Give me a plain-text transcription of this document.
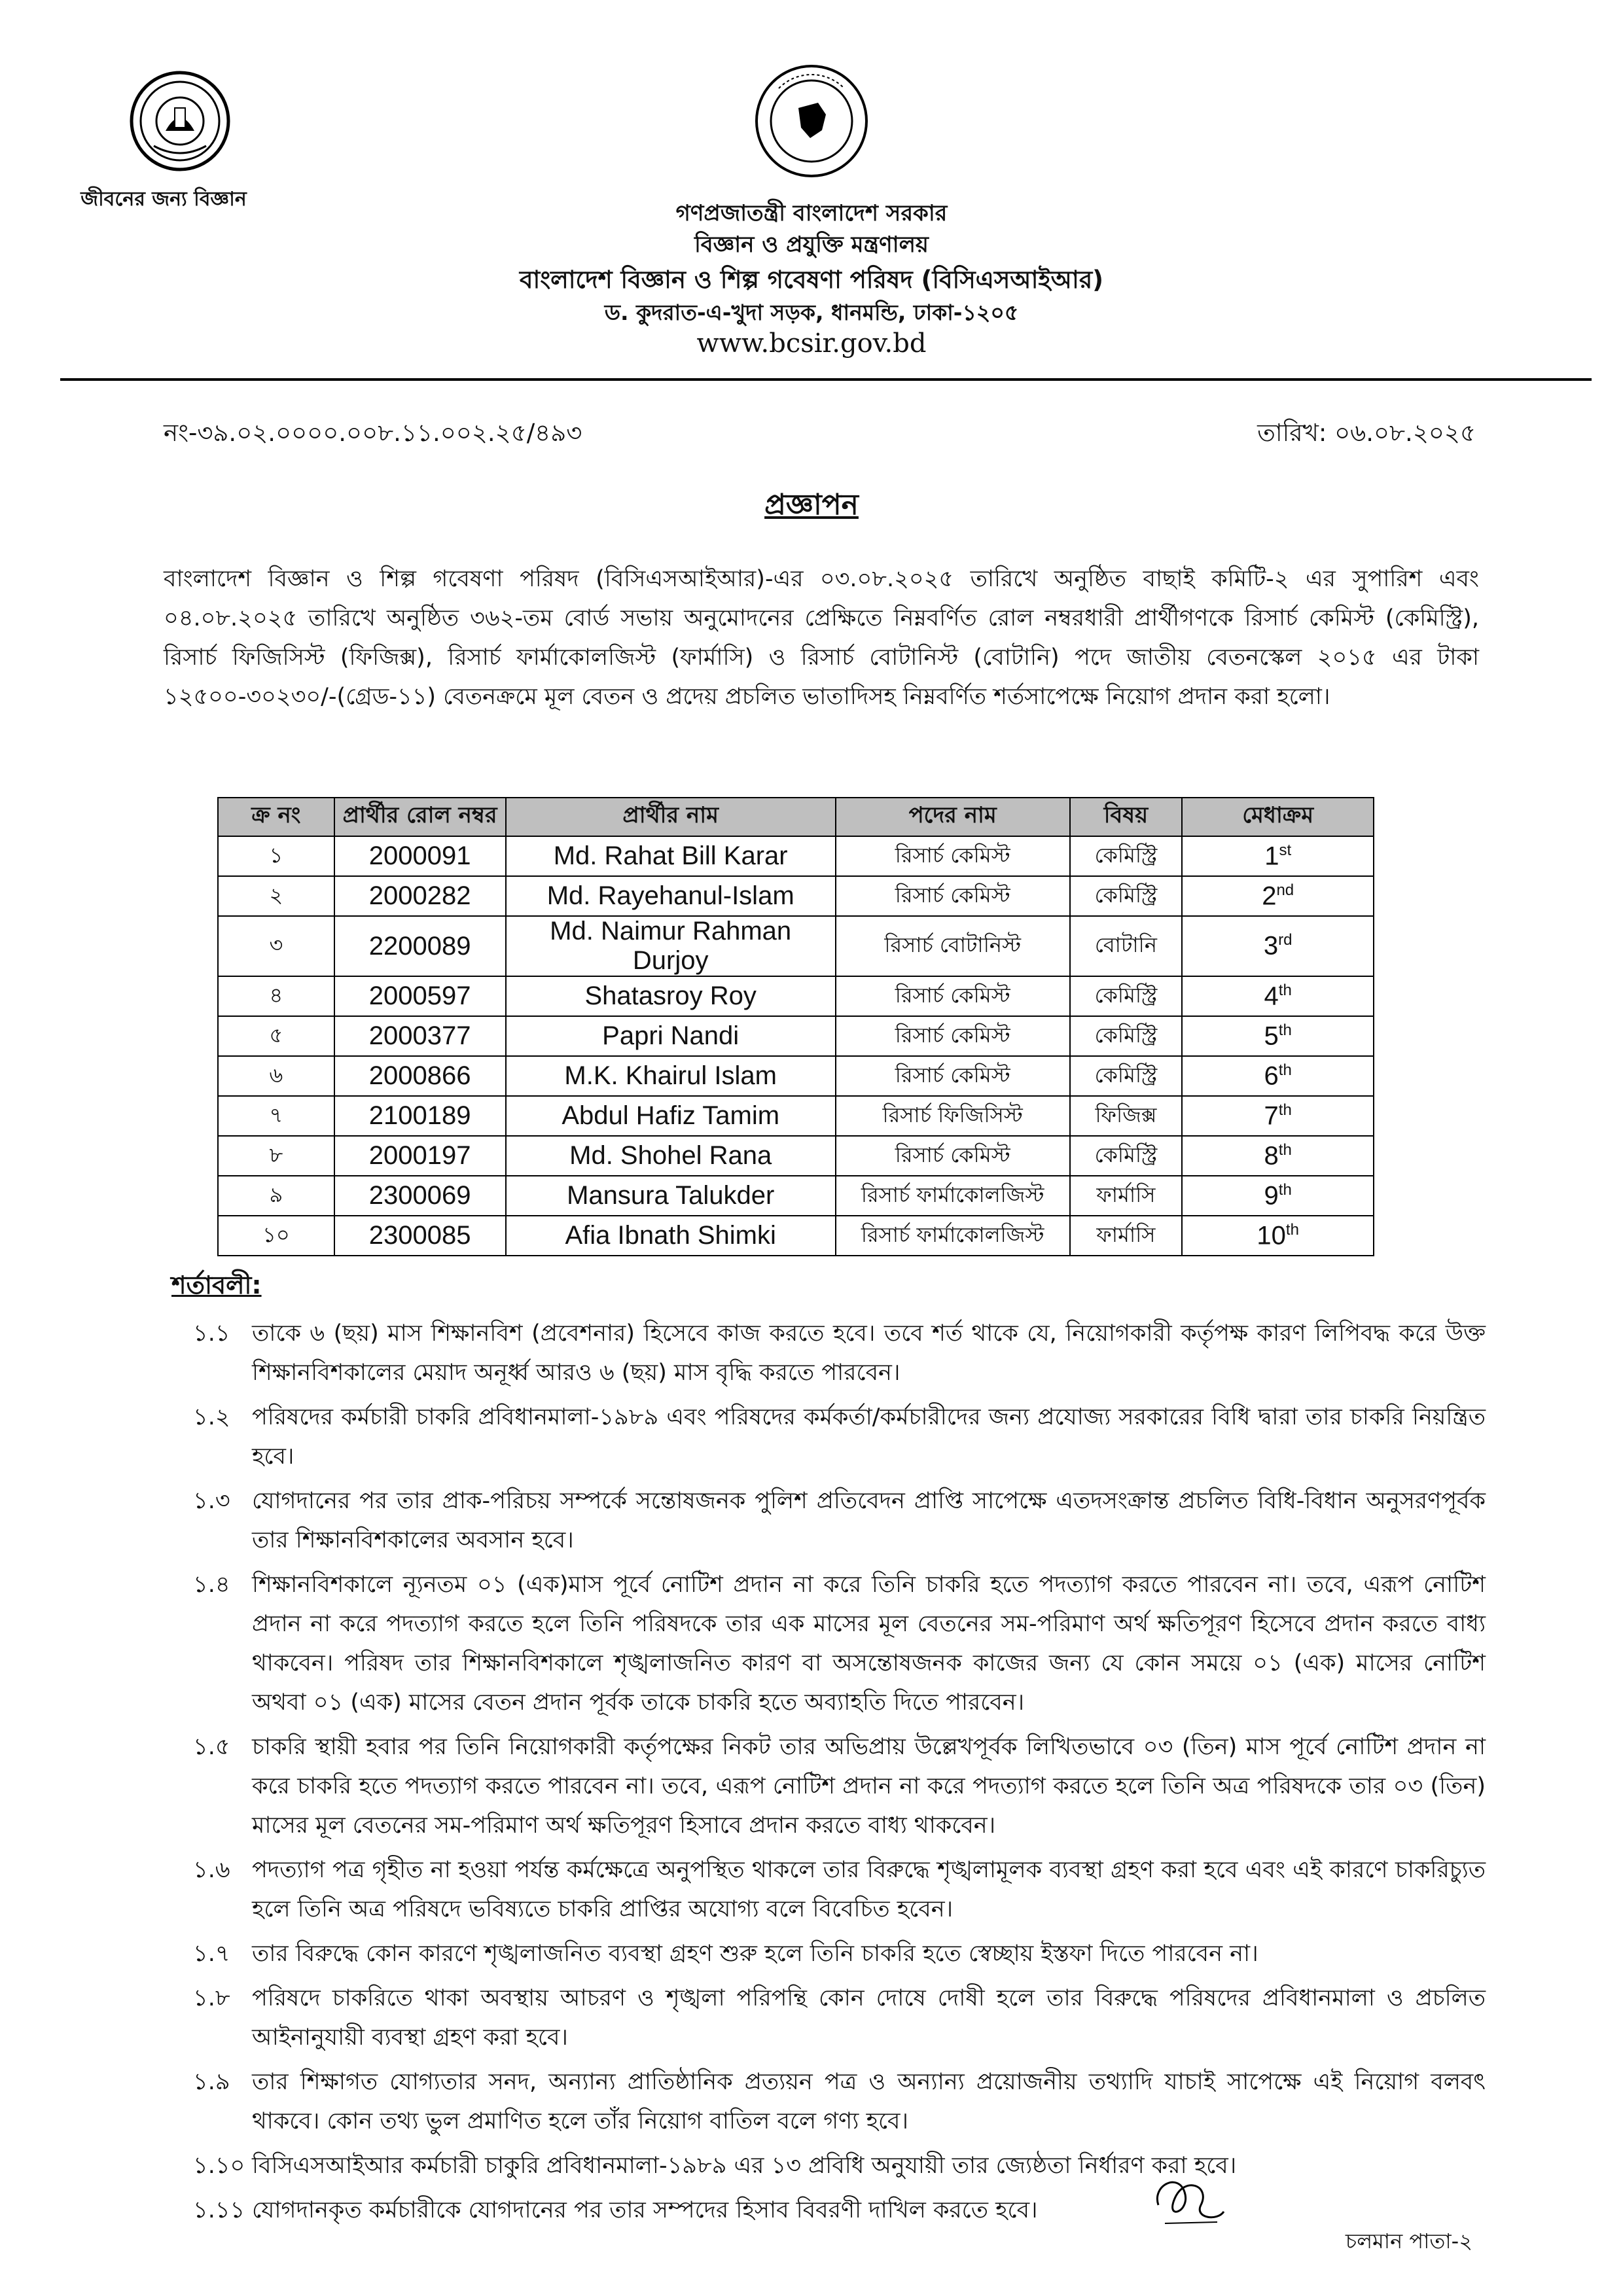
জীবনের জন্য বিজ্ঞান
গণপ্রজাতন্ত্রী বাংলাদেশ সরকার
বিজ্ঞান ও প্রযুক্তি মন্ত্রণালয়
বাংলাদেশ বিজ্ঞান ও শিল্প গবেষণা পরিষদ (বিসিএসআইআর)
ড. কুদরাত-এ-খুদা সড়ক, ধানমন্ডি, ঢাকা-১২০৫
www.bcsir.gov.bd
নং-৩৯.০২.০০০০.০০৮.১১.০০২.২৫/৪৯৩	তারিখ: ০৬.০৮.২০২৫
প্রজ্ঞাপন
বাংলাদেশ বিজ্ঞান ও শিল্প গবেষণা পরিষদ (বিসিএসআইআর)-এর ০৩.০৮.২০২৫ তারিখে অনুষ্ঠিত বাছাই কমিটি-২ এর সুপারিশ এবং ০৪.০৮.২০২৫ তারিখে অনুষ্ঠিত ৩৬২-তম বোর্ড সভায় অনুমোদনের প্রেক্ষিতে নিম্নবর্ণিত রোল নম্বরধারী প্রার্থীগণকে রিসার্চ কেমিস্ট (কেমিস্ট্রি), রিসার্চ ফিজিসিস্ট (ফিজিক্স), রিসার্চ ফার্মাকোলজিস্ট (ফার্মাসি) ও রিসার্চ বোটানিস্ট (বোটানি) পদে জাতীয় বেতনস্কেল ২০১৫ এর টাকা ১২৫০০-৩০২৩০/-(গ্রেড-১১) বেতনক্রমে মূল বেতন ও প্রদেয় প্রচলিত ভাতাদিসহ নিম্নবর্ণিত শর্তসাপেক্ষে নিয়োগ প্রদান করা হলো।
ক্র নং	প্রার্থীর রোল নম্বর	প্রার্থীর নাম	পদের নাম	বিষয়	মেধাক্রম
১	2000091	Md. Rahat Bill Karar	রিসার্চ কেমিস্ট	কেমিস্ট্রি	1st
২	2000282	Md. Rayehanul-Islam	রিসার্চ কেমিস্ট	কেমিস্ট্রি	2nd
৩	2200089	Md. Naimur Rahman Durjoy	রিসার্চ বোটানিস্ট	বোটানি	3rd
৪	2000597	Shatasroy Roy	রিসার্চ কেমিস্ট	কেমিস্ট্রি	4th
৫	2000377	Papri Nandi	রিসার্চ কেমিস্ট	কেমিস্ট্রি	5th
৬	2000866	M.K. Khairul Islam	রিসার্চ কেমিস্ট	কেমিস্ট্রি	6th
৭	2100189	Abdul Hafiz Tamim	রিসার্চ ফিজিসিস্ট	ফিজিক্স	7th
৮	2000197	Md. Shohel Rana	রিসার্চ কেমিস্ট	কেমিস্ট্রি	8th
৯	2300069	Mansura Talukder	রিসার্চ ফার্মাকোলজিস্ট	ফার্মাসি	9th
১০	2300085	Afia Ibnath Shimki	রিসার্চ ফার্মাকোলজিস্ট	ফার্মাসি	10th
শর্তাবলী:
১.১ তাকে ৬ (ছয়) মাস শিক্ষানবিশ (প্রবেশনার) হিসেবে কাজ করতে হবে। তবে শর্ত থাকে যে, নিয়োগকারী কর্তৃপক্ষ কারণ লিপিবদ্ধ করে উক্ত শিক্ষানবিশকালের মেয়াদ অনূর্ধ্ব আরও ৬ (ছয়) মাস বৃদ্ধি করতে পারবেন।
১.২ পরিষদের কর্মচারী চাকরি প্রবিধানমালা-১৯৮৯ এবং পরিষদের কর্মকর্তা/কর্মচারীদের জন্য প্রযোজ্য সরকারের বিধি দ্বারা তার চাকরি নিয়ন্ত্রিত হবে।
১.৩ যোগদানের পর তার প্রাক-পরিচয় সম্পর্কে সন্তোষজনক পুলিশ প্রতিবেদন প্রাপ্তি সাপেক্ষে এতদসংক্রান্ত প্রচলিত বিধি-বিধান অনুসরণপূর্বক তার শিক্ষানবিশকালের অবসান হবে।
১.৪ শিক্ষানবিশকালে ন্যূনতম ০১ (এক)মাস পূর্বে নোটিশ প্রদান না করে তিনি চাকরি হতে পদত্যাগ করতে পারবেন না। তবে, এরূপ নোটিশ প্রদান না করে পদত্যাগ করতে হলে তিনি পরিষদকে তার এক মাসের মূল বেতনের সম-পরিমাণ অর্থ ক্ষতিপূরণ হিসেবে প্রদান করতে বাধ্য থাকবেন। পরিষদ তার শিক্ষানবিশকালে শৃঙ্খলাজনিত কারণ বা অসন্তোষজনক কাজের জন্য যে কোন সময়ে ০১ (এক) মাসের নোটিশ অথবা ০১ (এক) মাসের বেতন প্রদান পূর্বক তাকে চাকরি হতে অব্যাহতি দিতে পারবেন।
১.৫ চাকরি স্থায়ী হবার পর তিনি নিয়োগকারী কর্তৃপক্ষের নিকট তার অভিপ্রায় উল্লেখপূর্বক লিখিতভাবে ০৩ (তিন) মাস পূর্বে নোটিশ প্রদান না করে চাকরি হতে পদত্যাগ করতে পারবেন না। তবে, এরূপ নোটিশ প্রদান না করে পদত্যাগ করতে হলে তিনি অত্র পরিষদকে তার ০৩ (তিন) মাসের মূল বেতনের সম-পরিমাণ অর্থ ক্ষতিপূরণ হিসাবে প্রদান করতে বাধ্য থাকবেন।
১.৬ পদত্যাগ পত্র গৃহীত না হওয়া পর্যন্ত কর্মক্ষেত্রে অনুপস্থিত থাকলে তার বিরুদ্ধে শৃঙ্খলামূলক ব্যবস্থা গ্রহণ করা হবে এবং এই কারণে চাকরিচ্যুত হলে তিনি অত্র পরিষদে ভবিষ্যতে চাকরি প্রাপ্তির অযোগ্য বলে বিবেচিত হবেন।
১.৭ তার বিরুদ্ধে কোন কারণে শৃঙ্খলাজনিত ব্যবস্থা গ্রহণ শুরু হলে তিনি চাকরি হতে স্বেচ্ছায় ইস্তফা দিতে পারবেন না।
১.৮ পরিষদে চাকরিতে থাকা অবস্থায় আচরণ ও শৃঙ্খলা পরিপন্থি কোন দোষে দোষী হলে তার বিরুদ্ধে পরিষদের প্রবিধানমালা ও প্রচলিত আইনানুযায়ী ব্যবস্থা গ্রহণ করা হবে।
১.৯ তার শিক্ষাগত যোগ্যতার সনদ, অন্যান্য প্রাতিষ্ঠানিক প্রত্যয়ন পত্র ও অন্যান্য প্রয়োজনীয় তথ্যাদি যাচাই সাপেক্ষে এই নিয়োগ বলবৎ থাকবে। কোন তথ্য ভুল প্রমাণিত হলে তাঁর নিয়োগ বাতিল বলে গণ্য হবে।
১.১০ বিসিএসআইআর কর্মচারী চাকুরি প্রবিধানমালা-১৯৮৯ এর ১৩ প্রবিধি অনুযায়ী তার জ্যেষ্ঠতা নির্ধারণ করা হবে।
১.১১ যোগদানকৃত কর্মচারীকে যোগদানের পর তার সম্পদের হিসাব বিবরণী দাখিল করতে হবে।
চলমান পাতা-২
